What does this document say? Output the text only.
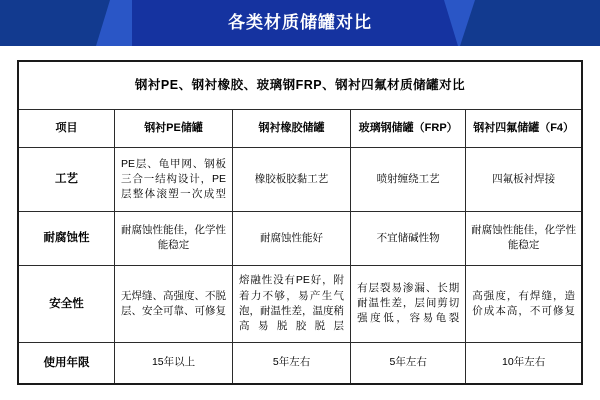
各类材质储罐对比
钢衬PE、钢衬橡胶、玻璃钢FRP、钢衬四氟材质储罐对比				
项目	钢衬PE储罐	钢衬橡胶储罐	玻璃钢储罐（FRP）	钢衬四氟储罐（F4）
工艺	PE层、龟甲网、钢板三合一结构设计，PE层整体滚塑一次成型	橡胶板胶黏工艺	喷射缠绕工艺	四氟板衬焊接
耐腐蚀性	耐腐蚀性能佳，化学性能稳定	耐腐蚀性能好	不宜储碱性物	耐腐蚀性能佳，化学性能稳定
安全性	无焊缝、高强度、不脱层、安全可靠、可修复	熔融性没有PE好，附着力不够，易产生气泡，耐温性差，温度稍高易脱胶脱层	有层裂易渗漏、长期耐温性差，层间剪切强度低，容易龟裂	高强度，有焊缝，造价成本高，不可修复
使用年限	15年以上	5年左右	5年左右	10年左右
